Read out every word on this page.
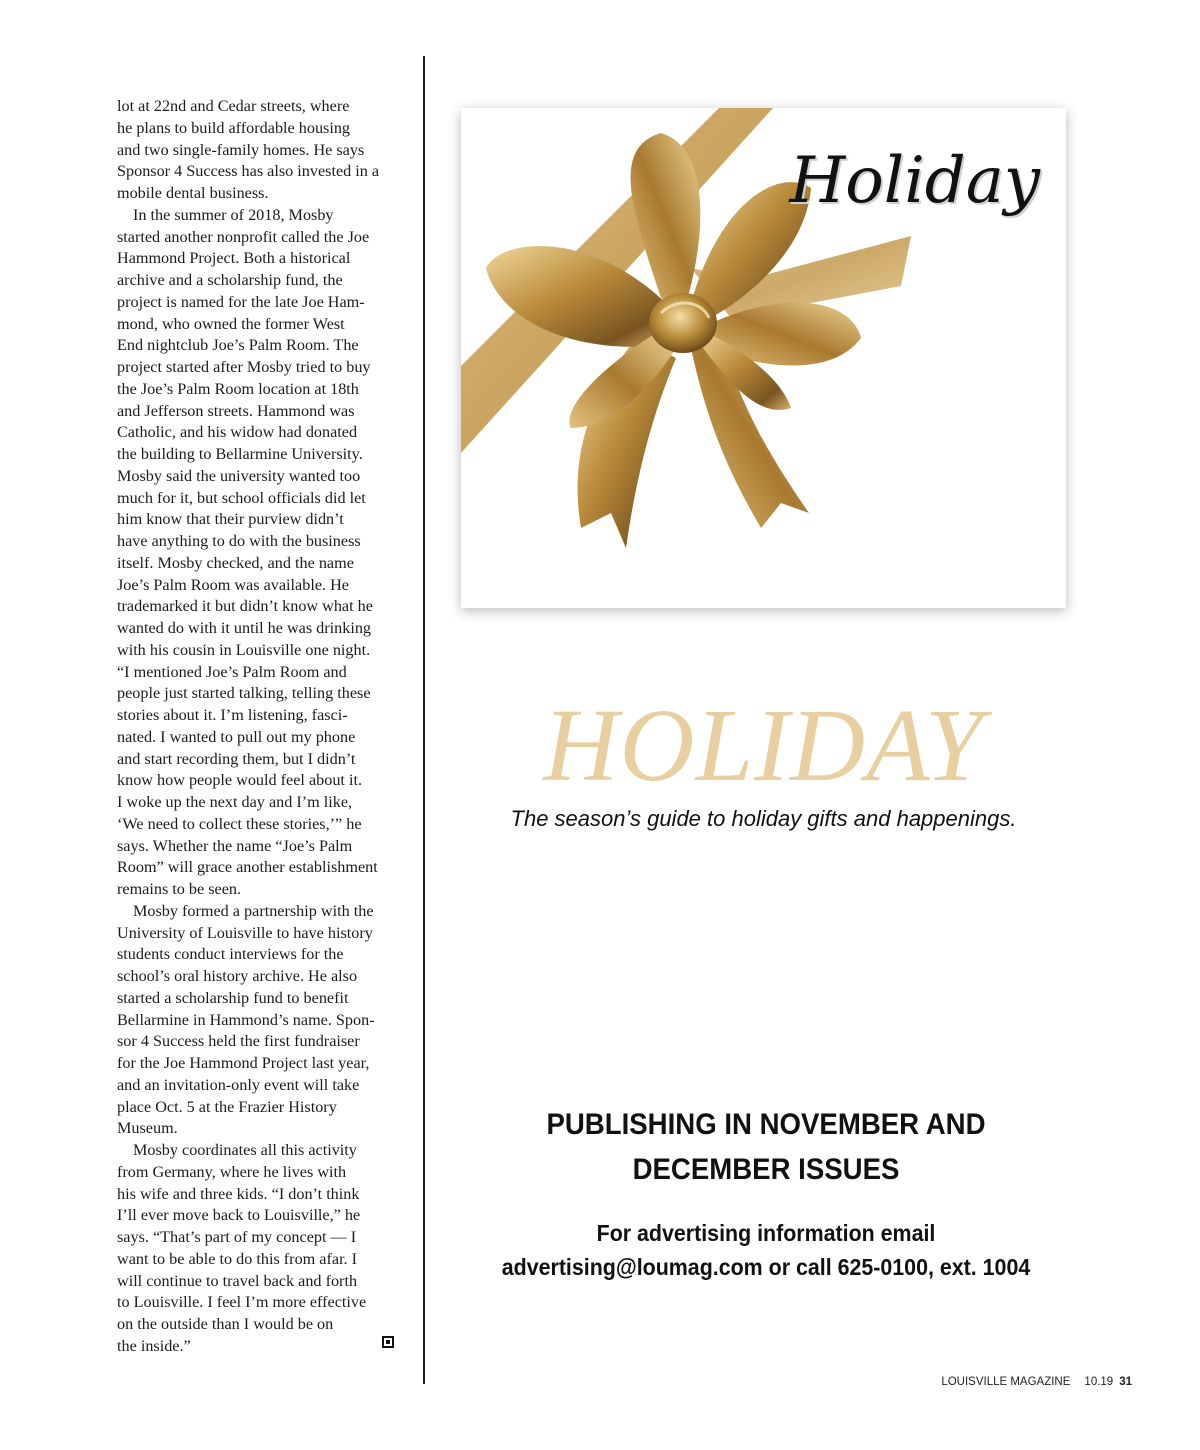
lot at 22nd and Cedar streets, where
he plans to build affordable housing
and two single-family homes. He says
Sponsor 4 Success has also invested in a
mobile dental business.

In the summer of 2018, Mosby
started another nonprofit called the Joe
Hammond Project. Both a historical
archive and a scholarship fund, the
project is named for the late Joe Ham-
mond, who owned the former West
End nightclub Joe’s Palm Room. The
project started after Mosby tried to buy
the Joe’s Palm Room location at 18th
and Jefferson streets. Hammond was
Catholic, and his widow had donated
the building to Bellarmine University.
Mosby said the university wanted too
much for it, but school officials did let
him know that their purview didn’t
have anything to do with the business
itself. Mosby checked, and the name
Joe’s Palm Room was available. He
trademarked it but didn’t know what he
wanted do with it until he was drinking
with his cousin in Louisville one night.
“I mentioned Joe’s Palm Room and
people just started talking, telling these
stories about it. I’m listening, fasci-
nated. I wanted to pull out my phone
and start recording them, but I didn’t
know how people would feel about it.
I woke up the next day and I’m like,
‘We need to collect these stories,’” he
says. Whether the name “Joe’s Palm
Room” will grace another establishment
remains to be seen.

Mosby formed a partnership with the
University of Louisville to have history
students conduct interviews for the
school’s oral history archive. He also
started a scholarship fund to benefit
Bellarmine in Hammond’s name. Spon-
sor 4 Success held the first fundraiser
for the Joe Hammond Project last year,
and an invitation-only event will take
place Oct. 5 at the Frazier History
Museum.

Mosby coordinates all this activity
from Germany, where he lives with
his wife and three kids. “I don’t think
I’ll ever move back to Louisville,” he
says. “That’s part of my concept — I
want to be able to do this from afar. I
will continue to travel back and forth
to Louisville. I feel I’m more effective
on the outside than I would be on
the inside.”

Holiday
HOLIDAY
The season’s guide to holiday gifts and happenings.
PUBLISHING IN NOVEMBER AND
DECEMBER ISSUES
For advertising information email
advertising@loumag.com or call 625-0100, ext. 1004
LOUISVILLE MAGAZINE 10.19 31
